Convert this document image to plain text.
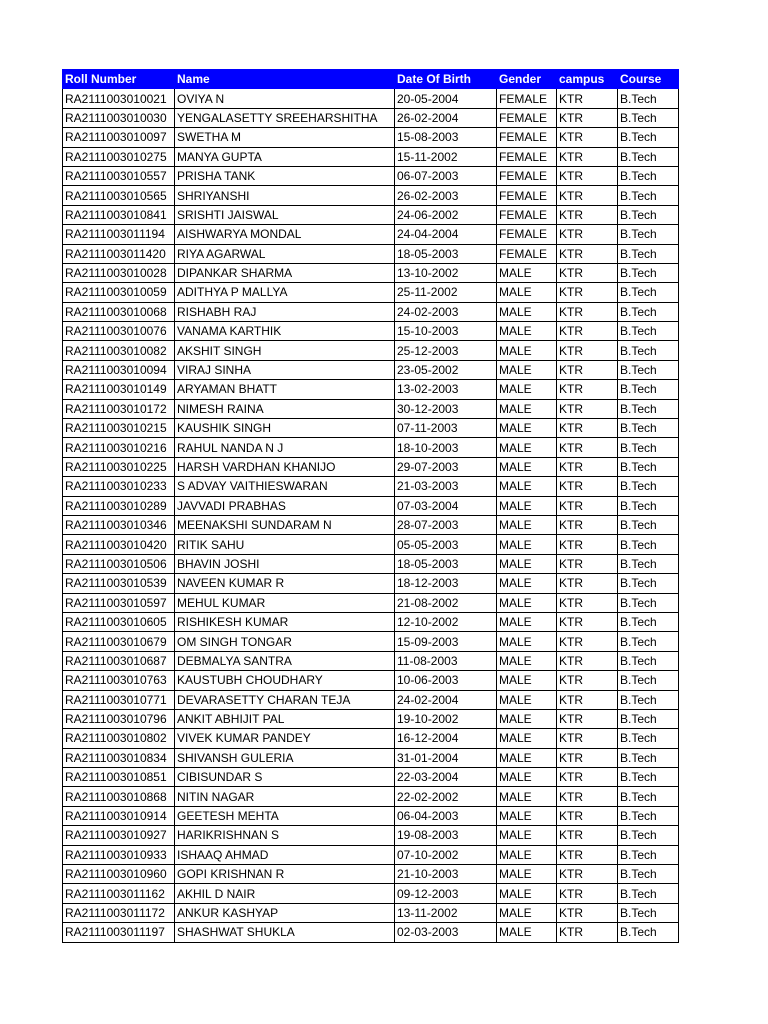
Roll Number	Name	Date Of Birth	Gender	campus	Course
RA2111003010021	OVIYA N	20-05-2004	FEMALE	KTR	B.Tech
RA2111003010030	YENGALASETTY SREEHARSHITHA	26-02-2004	FEMALE	KTR	B.Tech
RA2111003010097	SWETHA M	15-08-2003	FEMALE	KTR	B.Tech
RA2111003010275	MANYA GUPTA	15-11-2002	FEMALE	KTR	B.Tech
RA2111003010557	PRISHA TANK	06-07-2003	FEMALE	KTR	B.Tech
RA2111003010565	SHRIYANSHI	26-02-2003	FEMALE	KTR	B.Tech
RA2111003010841	SRISHTI JAISWAL	24-06-2002	FEMALE	KTR	B.Tech
RA2111003011194	AISHWARYA MONDAL	24-04-2004	FEMALE	KTR	B.Tech
RA2111003011420	RIYA AGARWAL	18-05-2003	FEMALE	KTR	B.Tech
RA2111003010028	DIPANKAR SHARMA	13-10-2002	MALE	KTR	B.Tech
RA2111003010059	ADITHYA P MALLYA	25-11-2002	MALE	KTR	B.Tech
RA2111003010068	RISHABH RAJ	24-02-2003	MALE	KTR	B.Tech
RA2111003010076	VANAMA KARTHIK	15-10-2003	MALE	KTR	B.Tech
RA2111003010082	AKSHIT SINGH	25-12-2003	MALE	KTR	B.Tech
RA2111003010094	VIRAJ SINHA	23-05-2002	MALE	KTR	B.Tech
RA2111003010149	ARYAMAN BHATT	13-02-2003	MALE	KTR	B.Tech
RA2111003010172	NIMESH RAINA	30-12-2003	MALE	KTR	B.Tech
RA2111003010215	KAUSHIK SINGH	07-11-2003	MALE	KTR	B.Tech
RA2111003010216	RAHUL NANDA N J	18-10-2003	MALE	KTR	B.Tech
RA2111003010225	HARSH VARDHAN KHANIJO	29-07-2003	MALE	KTR	B.Tech
RA2111003010233	S ADVAY VAITHIESWARAN	21-03-2003	MALE	KTR	B.Tech
RA2111003010289	JAVVADI PRABHAS	07-03-2004	MALE	KTR	B.Tech
RA2111003010346	MEENAKSHI SUNDARAM N	28-07-2003	MALE	KTR	B.Tech
RA2111003010420	RITIK SAHU	05-05-2003	MALE	KTR	B.Tech
RA2111003010506	BHAVIN JOSHI	18-05-2003	MALE	KTR	B.Tech
RA2111003010539	NAVEEN KUMAR R	18-12-2003	MALE	KTR	B.Tech
RA2111003010597	MEHUL KUMAR	21-08-2002	MALE	KTR	B.Tech
RA2111003010605	RISHIKESH KUMAR	12-10-2002	MALE	KTR	B.Tech
RA2111003010679	OM SINGH TONGAR	15-09-2003	MALE	KTR	B.Tech
RA2111003010687	DEBMALYA SANTRA	11-08-2003	MALE	KTR	B.Tech
RA2111003010763	KAUSTUBH CHOUDHARY	10-06-2003	MALE	KTR	B.Tech
RA2111003010771	DEVARASETTY CHARAN TEJA	24-02-2004	MALE	KTR	B.Tech
RA2111003010796	ANKIT ABHIJIT PAL	19-10-2002	MALE	KTR	B.Tech
RA2111003010802	VIVEK KUMAR PANDEY	16-12-2004	MALE	KTR	B.Tech
RA2111003010834	SHIVANSH GULERIA	31-01-2004	MALE	KTR	B.Tech
RA2111003010851	CIBISUNDAR S	22-03-2004	MALE	KTR	B.Tech
RA2111003010868	NITIN NAGAR	22-02-2002	MALE	KTR	B.Tech
RA2111003010914	GEETESH MEHTA	06-04-2003	MALE	KTR	B.Tech
RA2111003010927	HARIKRISHNAN S	19-08-2003	MALE	KTR	B.Tech
RA2111003010933	ISHAAQ AHMAD	07-10-2002	MALE	KTR	B.Tech
RA2111003010960	GOPI KRISHNAN R	21-10-2003	MALE	KTR	B.Tech
RA2111003011162	AKHIL D NAIR	09-12-2003	MALE	KTR	B.Tech
RA2111003011172	ANKUR KASHYAP	13-11-2002	MALE	KTR	B.Tech
RA2111003011197	SHASHWAT SHUKLA	02-03-2003	MALE	KTR	B.Tech
